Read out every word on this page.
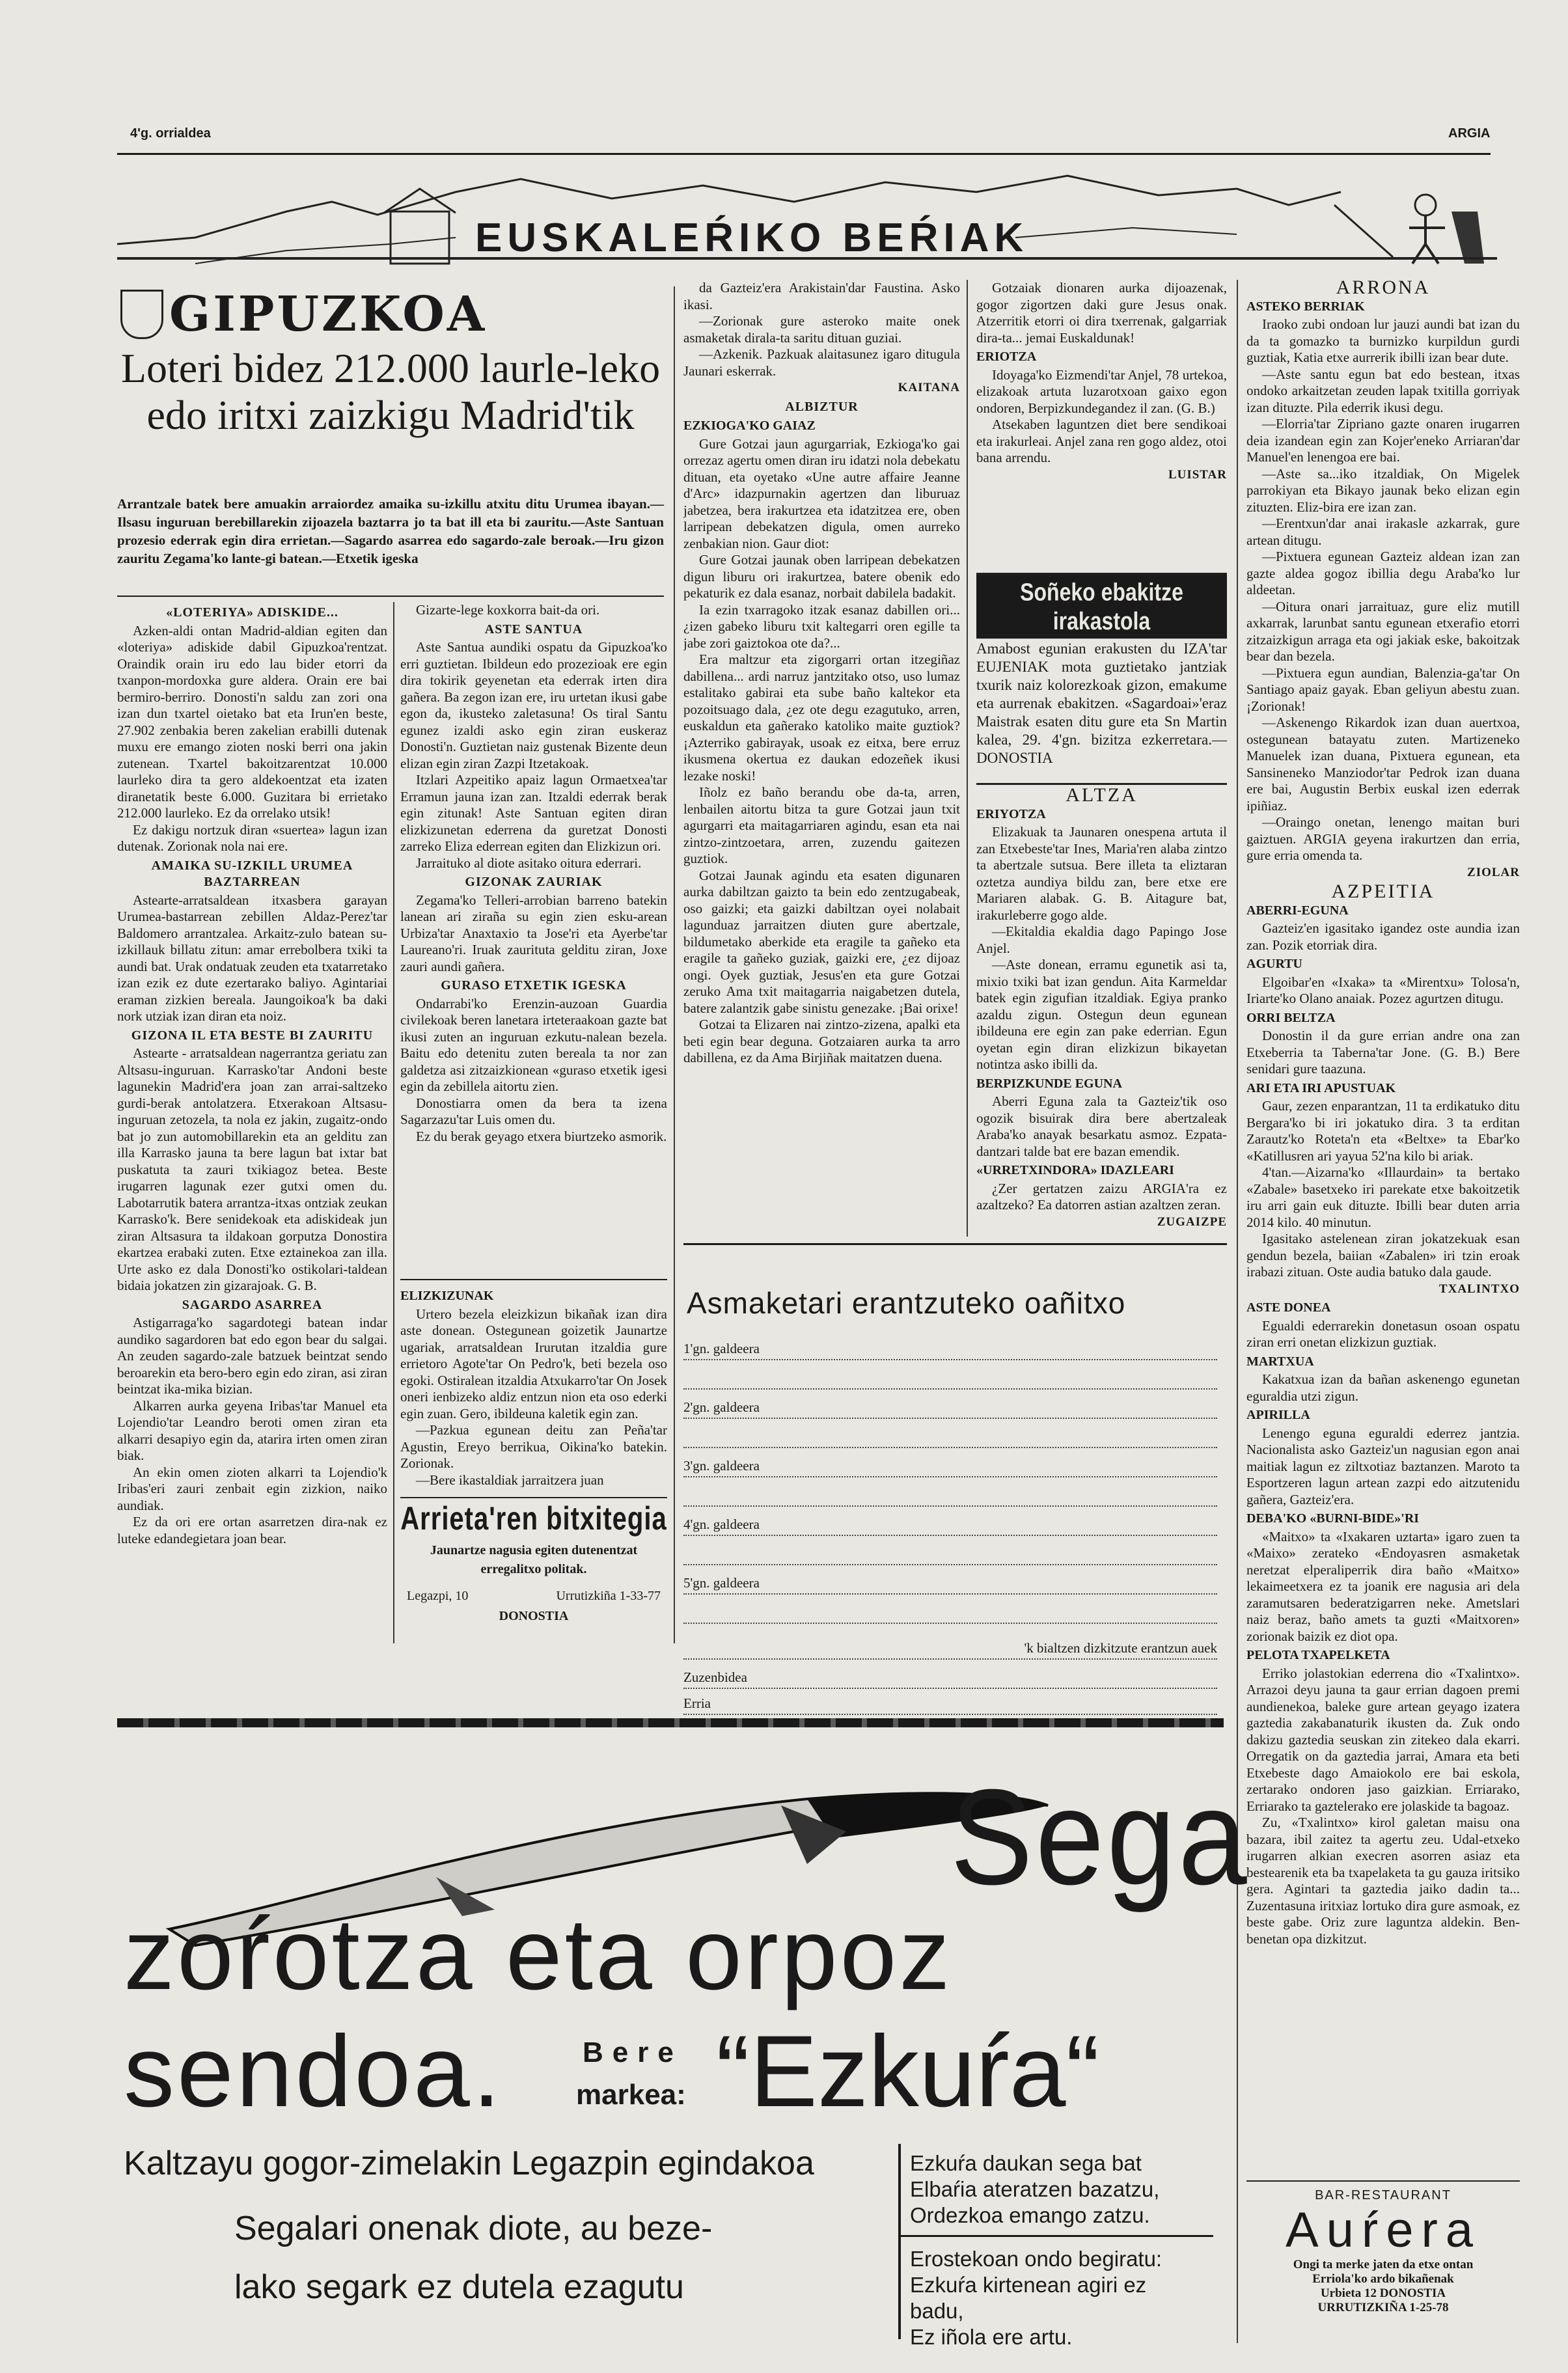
4'g. orrialdea	ARGIA
EUSKALEŔIKO BEŔIAK
GIPUZKOA
Loteri bidez 212.000 laurle-leko edo iritxi zaizkigu Madrid'tik
Arrantzale batek bere amuakin arraiordez amaika su-izkillu atxitu ditu Urumea ibayan.—Ilsasu inguruan berebillarekin zijoazela baztarra jo ta bat ill eta bi zauritu.—Aste Santuan prozesio ederrak egin dira errietan.—Sagardo asarrea edo sagardo-zale beroak.—Iru gizon zauritu Zegama'ko lante-gi batean.—Etxetik igeska
«LOTERIYA» ADISKIDE...

Azken-aldi ontan Madrid-aldian egiten dan «loteriya» adiskide dabil Gipuzkoa'rentzat. Oraindik orain iru edo lau bider etorri da txanpon-mordoxka gure aldera. Orain ere bai bermiro-berriro. Donosti'n saldu zan zori ona izan dun txartel oietako bat eta Irun'en beste, 27.902 zenbakia beren zakelian erabilli dutenak muxu ere emango zioten noski berri ona jakin zutenean. Txartel bakoitzarentzat 10.000 laurleko dira ta gero aldekoentzat eta izaten diranetatik beste 6.000. Guzitara bi errietako 212.000 laurleko. Ez da orrelako utsik!

Ez dakigu nortzuk diran «suertea» lagun izan dutenak. Zorionak nola nai ere.

AMAIKA SU-IZKILL URUMEA BAZTARREAN

Astearte-arratsaldean itxasbera garayan Urumea-bastarrean zebillen Aldaz-Perez'tar Baldomero arrantzalea. Arkaitz-zulo batean su-izkillauk billatu zitun: amar errebolbera txiki ta aundi bat. Urak ondatuak zeuden eta txatarretako izan ezik ez dute ezertarako baliyo. Agintariai eraman zizkien bereala. Jaungoikoa'k ba daki nork utziak izan diran eta noiz.

GIZONA IL ETA BESTE BI ZAURITU

Astearte - arratsaldean nagerrantza geriatu zan Altsasu-inguruan. Karrasko'tar Andoni beste lagunekin Madrid'era joan zan arrai-saltzeko gurdi-berak antolatzera. Etxerakoan Altsasu-inguruan zetozela, ta nola ez jakin, zugaitz-ondo bat jo zun automobillarekin eta an gelditu zan illa Karrasko jauna ta bere lagun bat ixtar bat puskatuta ta zauri txikiagoz betea. Beste irugarren lagunak ezer gutxi omen du. Labotarrutik batera arrantza-itxas ontziak zeukan Karrasko'k. Bere senidekoak eta adiskideak jun ziran Altsasura ta ildakoan gorputza Donostira ekartzea erabaki zuten. Etxe eztainekoa zan illa. Urte asko ez dala Donosti'ko ostikolari-taldean bidaia jokatzen zin gizarajoak. G. B.

SAGARDO ASARREA

Astigarraga'ko sagardotegi batean indar aundiko sagardoren bat edo egon bear du salgai. An zeuden sagardo-zale batzuek beintzat sendo beroarekin eta bero-bero egin edo ziran, asi ziran beintzat ika-mika bizian.

Alkarren aurka geyena Iribas'tar Manuel eta Lojendio'tar Leandro beroti omen ziran eta alkarri desapiyo egin da, atarira irten omen ziran biak.

An ekin omen zioten alkarri ta Lojendio'k Iribas'eri zauri zenbait egin zizkion, naiko aundiak.

Ez da ori ere ortan asarretzen dira-nak ez luteke edandegietara joan bear.

Gizarte-lege koxkorra bait-da ori.

ASTE SANTUA

Aste Santua aundiki ospatu da Gipuzkoa'ko erri guztietan. Ibildeun edo prozezioak ere egin dira tokirik geyenetan eta ederrak irten dira gañera. Ba zegon izan ere, iru urtetan ikusi gabe egon da, ikusteko zaletasuna! Os tiral Santu egunez izaldi asko egin ziran euskeraz Donosti'n. Guztietan naiz gustenak Bizente deun elizan egin ziran Zazpi Itzetakoak.

Itzlari Azpeitiko apaiz lagun Ormaetxea'tar Erramun jauna izan zan. Itzaldi ederrak berak egin zitunak! Aste Santuan egiten diran elizkizunetan ederrena da guretzat Donosti zarreko Eliza ederrean egiten dan Elizkizun ori.

Jarraituko al diote asitako oitura ederrari.

GIZONAK ZAURIAK

Zegama'ko Telleri-arrobian barreno batekin lanean ari ziraña su egin zien esku-arean Urbiza'tar Anaxtaxio ta Jose'ri eta Ayerbe'tar Laureano'ri. Iruak zaurituta gelditu ziran, Joxe zauri aundi gañera.

GURASO ETXETIK IGESKA

Ondarrabi'ko Erenzin-auzoan Guardia civilekoak beren lanetara irteteraakoan gazte bat ikusi zuten an inguruan ezkutu-nalean bezela. Baitu edo detenitu zuten bereala ta nor zan galdetza asi zitzaizkionean «guraso etxetik igesi egin da zebillela aitortu zien.

Donostiarra omen da bera ta izena Sagarzazu'tar Luis omen du.

Ez du berak geyago etxera biurtzeko asmorik.

ELIZKIZUNAK

Urtero bezela eleizkizun bikañak izan dira aste donean. Ostegunean goizetik Jaunartze ugariak, arratsaldean Irurutan itzaldia gure errietoro Agote'tar On Pedro'k, beti bezela oso egoki. Ostiralean itzaldia Atxukarro'tar On Josek oneri ienbizeko aldiz entzun nion eta oso ederki egin zuan. Gero, ibildeuna kaletik egin zan.

—Pazkua egunean deitu zan Peña'tar Agustin, Ereyo berrikua, Oikina'ko batekin. Zorionak.

—Bere ikastaldiak jarraitzera juan

Arrieta'ren bitxitegia
Jaunartze nagusia egiten dutenentzat
erregalitxo politak.
Legazpi, 10	Urrutizkiña 1-33-77
DONOSTIA

da Gazteiz'era Arakistain'dar Faustina. Asko ikasi.

—Zorionak gure asteroko maite onek asmaketak dirala-ta saritu dituan guziai.

—Azkenik. Pazkuak alaitasunez igaro ditugula Jaunari eskerrak.

KAITANA
ALBIZTUR
EZKIOGA'KO GAIAZ

Gure Gotzai jaun agurgarriak, Ezkioga'ko gai orrezaz agertu omen diran iru idatzi nola debekatu dituan, eta oyetako «Une autre affaire Jeanne d'Arc» idazpurnakin agertzen dan liburuaz jabetzea, bera irakurtzea eta idatzitzea ere, oben larripean debekatzen digula, omen aurreko zenbakian nion. Gaur diot:

Gure Gotzai jaunak oben larripean debekatzen digun liburu ori irakurtzea, batere obenik edo pekaturik ez dala esanaz, norbait dabilela badakit.

Ia ezin txarragoko itzak esanaz dabillen ori... ¿izen gabeko liburu txit kaltegarri oren egille ta jabe zori gaiztokoa ote da?...

Era maltzur eta zigorgarri ortan itzegiñaz dabillena... ardi narruz jantzitako otso, uso lumaz estalitako gabirai eta sube baño kaltekor eta pozoitsuago dala, ¿ez ote degu ezagutuko, arren, euskaldun eta gañerako katoliko maite guztiok? ¡Azterriko gabirayak, usoak ez eitxa, bere erruz ikusmena okertua ez daukan edozeñek ikusi lezake noski!

Iñolz ez baño berandu obe da-ta, arren, lenbailen aitortu bitza ta gure Gotzai jaun txit agurgarri eta maitagarriaren agindu, esan eta nai zintzo-zintzoetara, arren, zuzendu gaitezen guztiok.

Gotzai Jaunak agindu eta esaten digunaren aurka dabiltzan gaizto ta bein edo zentzugabeak, oso gaizki; eta gaizki dabiltzan oyei nolabait lagunduaz jarraitzen diuten gure abertzale, bildumetako aberkide eta eragile ta gañeko eta eragile ta gañeko guziak, gaizki ere, ¿ez dijoaz ongi. Oyek guztiak, Jesus'en eta gure Gotzai zeruko Ama txit maitagarria naigabetzen dutela, batere zalantzik gabe sinistu genezake. ¡Bai orixe!

Gotzai ta Elizaren nai zintzo-zizena, apalki eta beti egin bear deguna. Gotzaiaren aurka ta arro dabillena, ez da Ama Birjiñak maitatzen duena.

Gotzaiak dionaren aurka dijoazenak, gogor zigortzen daki gure Jesus onak. Atzerritik etorri oi dira txerrenak, galgarriak dira-ta... jemai Euskaldunak!

ERIOTZA

Idoyaga'ko Eizmendi'tar Anjel, 78 urtekoa, elizakoak artuta luzarotxoan gaixo egon ondoren, Berpizkundegandez il zan. (G. B.)

Atsekaben laguntzen diet bere sendikoai eta irakurleai. Anjel zana ren gogo aldez, otoi bana arrendu.

LUISTAR
Soñeko ebakitze irakastola
Amabost egunian erakusten du IZA'tar EUJENIAK mota guztietako jantziak txurik naiz kolorezkoak gizon, emakume eta aurrenak ebakitzen. «Sagardoai»'eraz Maistrak esaten ditu gure eta Sn Martin kalea, 29. 4'gn. bizitza ezkerretara.—DONOSTIA
ALTZA
ERIYOTZA

Elizakuak ta Jaunaren onespena artuta il zan Etxebeste'tar Ines, Maria'ren alaba zintzo ta abertzale sutsua. Bere illeta ta eliztaran oztetza aundiya bildu zan, bere etxe ere Mariaren alabak. G. B. Aitagure bat, irakurleberre gogo alde.

—Ekitaldia ekaldia dago Papingo Jose Anjel.

—Aste donean, erramu egunetik asi ta, mixio txiki bat izan gendun. Aita Karmeldar batek egin zigufian itzaldiak. Egiya pranko azaldu zigun. Ostegun deun egunean ibildeuna ere egin zan pake ederrian. Egun oyetan egin diran elizkizun bikayetan notintza asko ibilli da.

BERPIZKUNDE EGUNA

Aberri Eguna zala ta Gazteiz'tik oso ogozik bisuirak dira bere abertzaleak Araba'ko anayak besarkatu asmoz. Ezpata-dantzari talde bat ere bazan emendik.

«URRETXINDORA» IDAZLEARI

¿Zer gertatzen zaizu ARGIA'ra ez azaltzeko? Ea datorren astian azaltzen zeran.

ZUGAIZPE
ARRONA
ASTEKO BERRIAK

Iraoko zubi ondoan lur jauzi aundi bat izan du da ta gomazko ta burnizko kurpildun gurdi guztiak, Katia etxe aurrerik ibilli izan bear dute.

—Aste santu egun bat edo bestean, itxas ondoko arkaitzetan zeuden lapak txitilla gorriyak izan dituzte. Pila ederrik ikusi degu.

—Elorria'tar Zipriano gazte onaren irugarren deia izandean egin zan Kojer'eneko Arriaran'dar Manuel'en lenengoa ere bai.

—Aste sa...iko itzaldiak, On Migelek parrokiyan eta Bikayo jaunak beko elizan egin zituzten. Eliz-bira ere izan zan.

—Erentxun'dar anai irakasle azkarrak, gure artean ditugu.

—Pixtuera egunean Gazteiz aldean izan zan gazte aldea gogoz ibillia degu Araba'ko lur aldeetan.

—Oitura onari jarraituaz, gure eliz mutill axkarrak, larunbat santu egunean etxerafio etorri zitzaizkigun arraga eta ogi jakiak eske, bakoitzak bear dan bezela.

—Pixtuera egun aundian, Balenzia-ga'tar On Santiago apaiz gayak. Eban geliyun abestu zuan. ¡Zorionak!

—Askenengo Rikardok izan duan auertxoa, ostegunean batayatu zuten. Martizeneko Manuelek izan duana, Pixtuera egunean, eta Sansineneko Manziodor'tar Pedrok izan duana ere bai, Augustin Berbix euskal izen ederrak ipiñiaz.

—Oraingo onetan, lenengo maitan buri gaiztuen. ARGIA geyena irakurtzen dan erria, gure erria omenda ta.

ZIOLAR
AZPEITIA
ABERRI-EGUNA

Gazteiz'en igasitako igandez oste aundia izan zan. Pozik etorriak dira.

AGURTU

Elgoibar'en «Ixaka» ta «Mirentxu» Tolosa'n, Iriarte'ko Olano anaiak. Pozez agurtzen ditugu.

ORRI BELTZA

Donostin il da gure errian andre ona zan Etxeberria ta Taberna'tar Jone. (G. B.) Bere senidari gure taazuna.

ARI ETA IRI APUSTUAK

Gaur, zezen enparantzan, 11 ta erdikatuko ditu Bergara'ko bi iri jokatuko dira. 3 ta erditan Zarautz'ko Roteta'n eta «Beltxe» ta Ebar'ko «Katillusren ari yayua 52'na kilo bi ariak.

4'tan.—Aizarna'ko «Illaurdain» ta bertako «Zabale» basetxeko iri parekate etxe bakoitzetik iru arri gain euk dituzte. Ibilli bear duten arria 2014 kilo. 40 minutun.

Igasitako astelenean ziran jokatzekuak esan gendun bezela, baiian «Zabalen» iri tzin eroak irabazi zituan. Oste audia batuko dala gaude.

TXALINTXO
ASTE DONEA

Egualdi ederrarekin donetasun osoan ospatu ziran erri onetan elizkizun guztiak.

MARTXUA

Kakatxua izan da bañan askenengo egunetan eguraldia utzi zigun.

APIRILLA

Lenengo eguna eguraldi ederrez jantzia. Nacionalista asko Gazteiz'un nagusian egon anai maitiak lagun ez ziltxotiaz baztanzen. Maroto ta Esportzeren lagun artean zazpi edo aitzutenidu gañera, Gazteiz'era.

DEBA'KO «BURNI-BIDE»'RI

«Maitxo» ta «Ixakaren uztarta» igaro zuen ta «Maixo» zerateko «Endoyasren asmaketak neretzat elperaliperrik dira baño «Maitxo» lekaimeetxera ez ta joanik ere nagusia ari dela zaramutsaren bederatzigarren neke. Ametslari naiz beraz, baño amets ta guzti «Maitxoren» zorionak baizik ez diot opa.

PELOTA TXAPELKETA

Erriko jolastokian ederrena dio «Txalintxo». Arrazoi deyu jauna ta gaur errian dagoen premi aundienekoa, baleke gure artean geyago izatera gaztedia zakabanaturik ikusten da. Zuk ondo dakizu gaztedia seuskan zin zitekeo dala ekarri. Orregatik on da gaztedia jarrai, Amara eta beti Etxebeste dago Amaiokolo ere bai eskola, zertarako ondoren jaso gaizkian. Erriarako, Erriarako ta gaztelerako ere jolaskide ta bagoaz.

Zu, «Txalintxo» kirol galetan maisu ona bazara, ibil zaitez ta agertu zeu. Udal-etxeko irugarren alkian execren asorren asiaz eta bestearenik eta ba txapelaketa ta gu gauza iritsiko gera. Agintari ta gaztedia jaiko dadin ta... Zuzentasuna iritxiaz lortuko dira gure asmoak, ez beste gabe. Oriz zure laguntza aldekin. Ben-benetan opa dizkitzut.

BAR-RESTAURANT
Auŕera
Ongi ta merke jaten da etxe ontan
Erriola'ko ardo bikañenak
Urbieta 12 DONOSTIA
URRUTIZKIÑA 1-25-78
Asmaketari erantzuteko oañitxo
1'gn. galdeera
2'gn. galdeera
3'gn. galdeera
4'gn. galdeera
5'gn. galdeera
'k bialtzen dizkitzute erantzun auek
Zuzenbidea
Erria
Sega
zoŕotza eta orpoz
sendoa.	Bere
markea: “Ezkuŕa“
Kaltzayu gogor-zimelakin Legazpin egindakoa
Segalari onenak diote, au beze-
lako segark ez dutela ezagutu
Ezkuŕa daukan sega bat
Elbaŕia ateratzen bazatzu,
Ordezkoa emango zatzu.
Erostekoan ondo begiratu:
Ezkuŕa kirtenean agiri ez badu,
Ez iñola ere artu.
